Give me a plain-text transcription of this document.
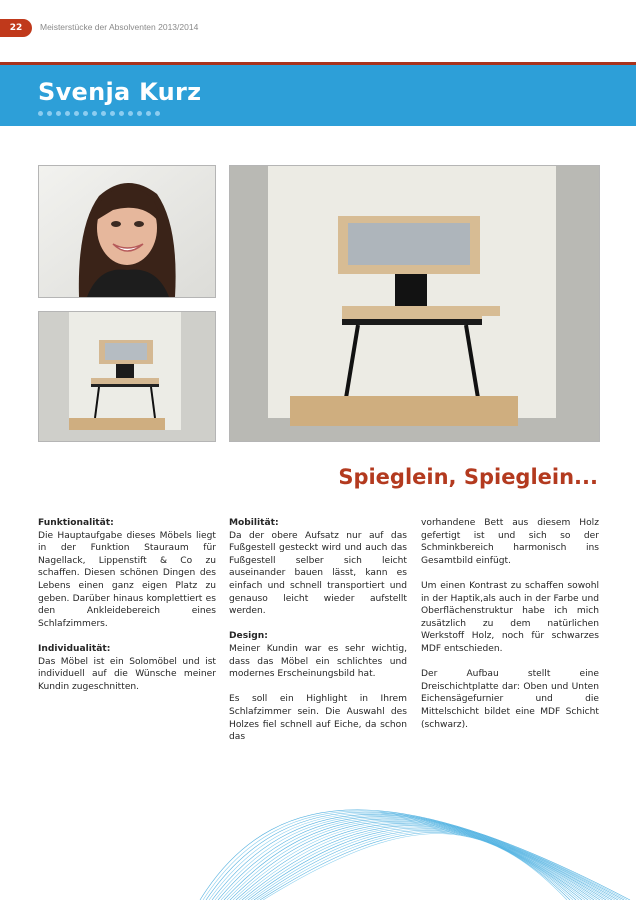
22	Meisterstücke der Absolventen 2013/2014
Svenja Kurz
Spieglein, Spieglein...
Funktionalität:

Die Hauptaufgabe dieses Möbels liegt in der Funktion Stauraum für Nagellack, Lippenstift & Co zu schaffen. Diesen schönen Dingen des Lebens einen ganz eigen Platz zu geben. Darüber hinaus komplettiert es den Ankleidebereich eines Schlafzimmers.

Individualität:

Das Möbel ist ein Solomöbel und ist individuell auf die Wünsche meiner Kundin zugeschnitten.

Mobilität:

Da der obere Aufsatz nur auf das Fußgestell gesteckt wird und auch das Fußgestell selber sich leicht auseinander bauen lässt, kann es einfach und schnell transportiert und genauso leicht wieder aufstellt werden.

Design:

Meiner Kundin war es sehr wichtig, dass das Möbel ein schlichtes und modernes Erscheinungsbild hat.

Es soll ein Highlight in Ihrem Schlafzimmer sein. Die Auswahl des Holzes fiel schnell auf Eiche, da schon das

vorhandene Bett aus diesem Holz gefertigt ist und sich so der Schminkbereich harmonisch ins Gesamtbild einfügt.

Um einen Kontrast zu schaffen sowohl in der Haptik,als auch in der Farbe und Oberflächenstruktur habe ich mich zusätzlich zu dem natürlichen Werkstoff Holz, noch für schwarzes MDF entschieden.

Der Aufbau stellt eine Dreischichtplatte dar: Oben und Unten Eichensägefurnier und die Mittelschicht bildet eine MDF Schicht (schwarz).
